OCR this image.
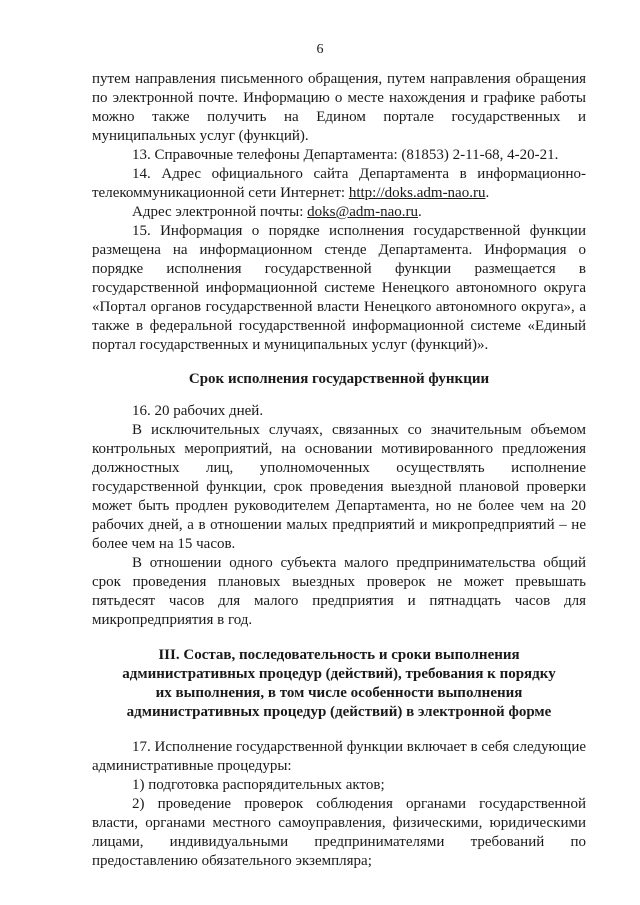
6

путем направления письменного обращения, путем направления обращения по электронной почте. Информацию о месте нахождения и графике работы можно также получить на Едином портале государственных и муниципальных услуг (функций).

13. Справочные телефоны Департамента: (81853) 2-11-68, 4-20-21.

14. Адрес официального сайта Департамента в информационно-телекоммуникационной сети Интернет: http://doks.adm-nao.ru.

Адрес электронной почты: doks@adm-nao.ru.

15. Информация о порядке исполнения государственной функции размещена на информационном стенде Департамента. Информация о порядке исполнения государственной функции размещается в государственной информационной системе Ненецкого автономного округа «Портал органов государственной власти Ненецкого автономного округа», а также в федеральной государственной информационной системе «Единый портал государственных и муниципальных услуг (функций)».

Срок исполнения государственной функции

16. 20 рабочих дней.

В исключительных случаях, связанных со значительным объемом контрольных мероприятий, на основании мотивированного предложения должностных лиц, уполномоченных осуществлять исполнение государственной функции, срок проведения выездной плановой проверки может быть продлен руководителем Департамента, но не более чем на 20 рабочих дней, а в отношении малых предприятий и микропредприятий – не более чем на 15 часов.

В отношении одного субъекта малого предпринимательства общий срок проведения плановых выездных проверок не может превышать пятьдесят часов для малого предприятия и пятнадцать часов для микропредприятия в год.

III. Состав, последовательность и сроки выполнения
административных процедур (действий), требования к порядку
их выполнения, в том числе особенности выполнения
административных процедур (действий) в электронной форме

17. Исполнение государственной функции включает в себя следующие административные процедуры:

1) подготовка распорядительных актов;

2) проведение проверок соблюдения органами государственной власти, органами местного самоуправления, физическими, юридическими лицами, индивидуальными предпринимателями требований по предоставлению обязательного экземпляра;
